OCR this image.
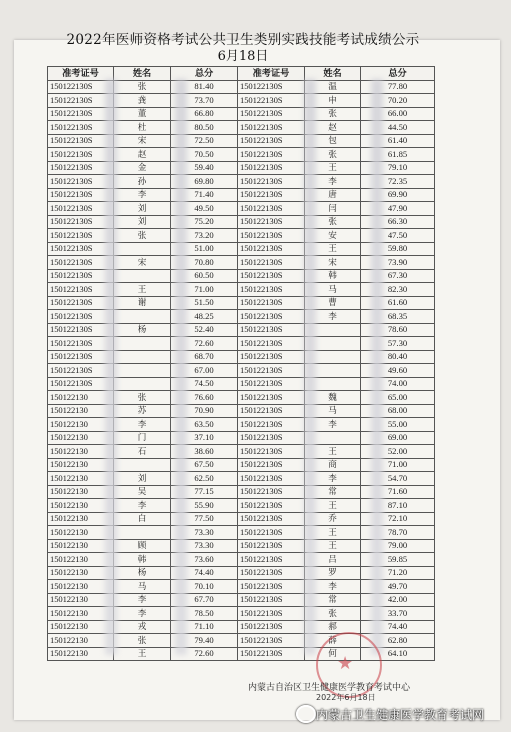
2022年医师资格考试公共卫生类别实践技能考试成绩公示
6月18日
准考证号	姓名	总分	准考证号	姓名	总分
150122130S	张	81.40	150122130S	温	77.80
150122130S	龚	73.70	150122130S	申	70.20
150122130S	董	66.80	150122130S	张	66.00
150122130S	杜	80.50	150122130S	赵	44.50
150122130S	宋	72.50	150122130S	包	61.40
150122130S	赵	70.50	150122130S	张	61.85
150122130S	金	59.40	150122130S	王	79.10
150122130S	孙	69.80	150122130S	李	72.35
150122130S	李	71.40	150122130S	唐	69.90
150122130S	刘	49.50	150122130S	闫	47.90
150122130S	刘	75.20	150122130S	张	66.30
150122130S	张	73.20	150122130S	安	47.50
150122130S		51.00	150122130S	王	59.80
150122130S	宋	70.80	150122130S	宋	73.90
150122130S		60.50	150122130S	韩	67.30
150122130S	王	71.00	150122130S	马	82.30
150122130S	谢	51.50	150122130S	曹	61.60
150122130S		48.25	150122130S	李	68.35
150122130S	杨	52.40	150122130S		78.60
150122130S		72.60	150122130S		57.30
150122130S		68.70	150122130S		80.40
150122130S		67.00	150122130S		49.60
150122130S		74.50	150122130S		74.00
150122130	张	76.60	150122130S	魏	65.00
150122130	苏	70.90	150122130S	马	68.00
150122130	李	63.50	150122130S	李	55.00
150122130	门	37.10	150122130S		69.00
150122130	石	38.60	150122130S	王	52.00
150122130		67.50	150122130S	商	71.00
150122130	刘	62.50	150122130S	李	54.70
150122130	吴	77.15	150122130S	常	71.60
150122130	李	55.90	150122130S	王	87.10
150122130	白	77.50	150122130S	乔	72.10
150122130		73.30	150122130S	王	78.70
150122130	顾	73.30	150122130S	王	79.00
150122130	韩	73.60	150122130S	吕	59.85
150122130	杨	74.40	150122130S	罗	71.20
150122130	马	70.10	150122130S	李	49.70
150122130	李	67.70	150122130S	常	42.00
150122130	李	78.50	150122130S	张	33.70
150122130	戎	71.10	150122130S	郝	74.40
150122130	张	79.40	150122130S	薛	62.80
150122130	王	72.60	150122130S	何	64.10
★
内蒙古自治区卫生健康医学教育考试中心
2022年6月18日
内蒙古卫生健康医学教育考试网
